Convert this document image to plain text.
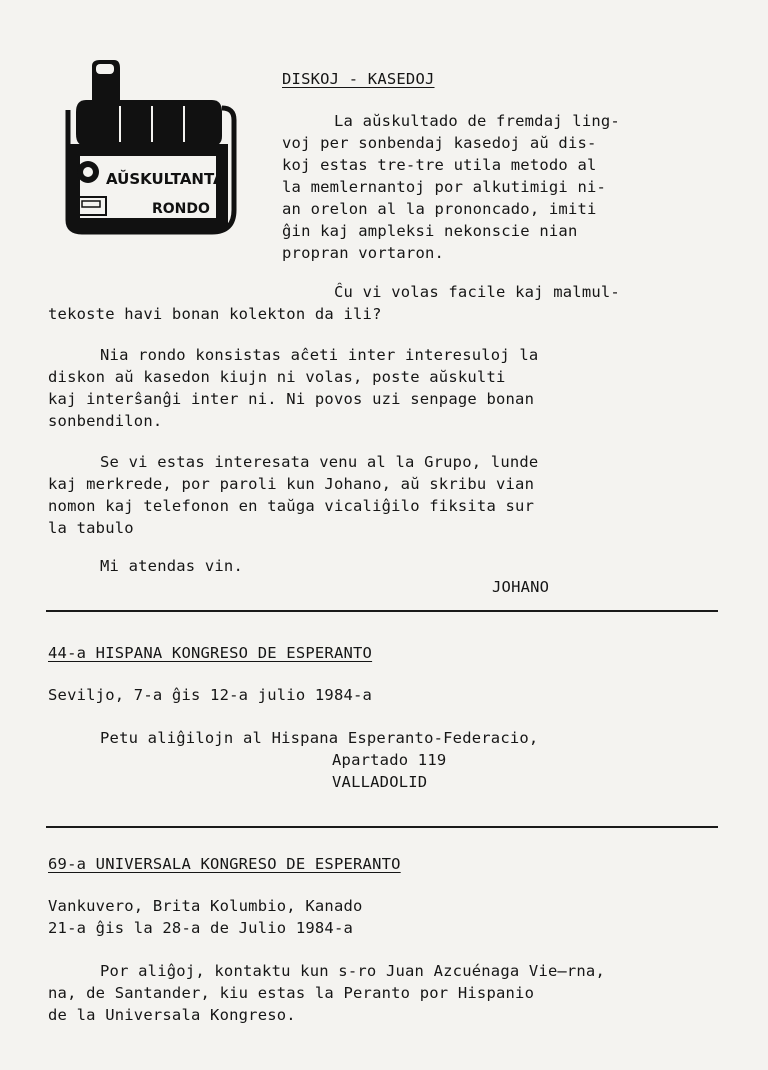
AŬSKULTANTA
RONDO
DISKOJ - KASEDOJ
La aŭskultado de fremdaj ling-
voj per sonbendaj kasedoj aŭ dis-
koj estas tre-tre utila metodo al
la memlernantoj por alkutimigi ni-
an orelon al la prononcado, imiti
ĝin kaj ampleksi nekonscie nian
propran vortaron.
Ĉu vi volas facile kaj malmul-
tekoste havi bonan kolekton da ili?
Nia rondo konsistas aĉeti inter interesuloj la
diskon aŭ kasedon kiujn ni volas, poste aŭskulti
kaj interŝanĝi inter ni. Ni povos uzi senpage bonan
sonbendilon.
Se vi estas interesata venu al la Grupo, lunde
kaj merkrede, por paroli kun Johano, aŭ skribu vian
nomon kaj telefonon en taŭga vicaliĝilo fiksita sur
la tabulo
Mi atendas vin.
JOHANO
44-a HISPANA KONGRESO DE ESPERANTO
Seviljo, 7-a ĝis 12-a julio 1984-a
Petu aliĝilojn al Hispana Esperanto-Federacio,
Apartado 119
VALLADOLID
69-a UNIVERSALA KONGRESO DE ESPERANTO
Vankuvero, Brita Kolumbio, Kanado
21-a ĝis la 28-a de Julio 1984-a
Por aliĝoj, kontaktu kun s-ro Juan Azcuénaga Vie̶rna,
na, de Santander, kiu estas la Peranto por Hispanio
de la Universala Kongreso.
